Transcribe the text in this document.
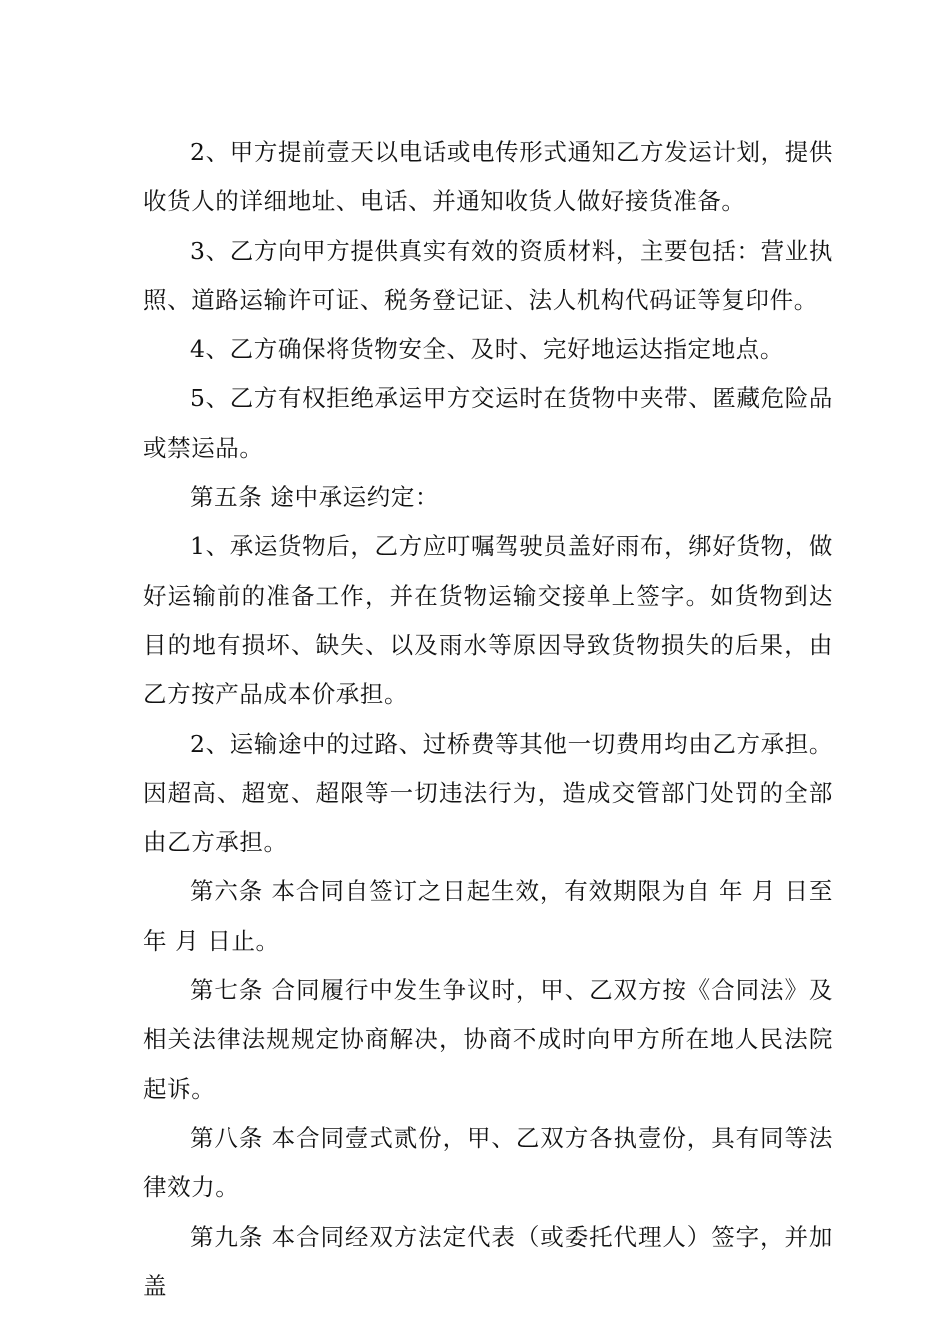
2、甲方提前壹天以电话或电传形式通知乙方发运计划，提供收货人的详细地址、电话、并通知收货人做好接货准备。

3、乙方向甲方提供真实有效的资质材料，主要包括：营业执照、道路运输许可证、税务登记证、法人机构代码证等复印件。

4、乙方确保将货物安全、及时、完好地运达指定地点。

5、乙方有权拒绝承运甲方交运时在货物中夹带、匿藏危险品或禁运品。

第五条 途中承运约定：

1、承运货物后，乙方应叮嘱驾驶员盖好雨布，绑好货物，做好运输前的准备工作，并在货物运输交接单上签字。如货物到达目的地有损坏、缺失、以及雨水等原因导致货物损失的后果，由乙方按产品成本价承担。

2、运输途中的过路、过桥费等其他一切费用均由乙方承担。因超高、超宽、超限等一切违法行为，造成交管部门处罚的全部由乙方承担。

第六条 本合同自签订之日起生效，有效期限为自 年 月 日至 年 月 日止。

第七条 合同履行中发生争议时，甲、乙双方按《合同法》及相关法律法规规定协商解决，协商不成时向甲方所在地人民法院起诉。

第八条 本合同壹式贰份，甲、乙双方各执壹份，具有同等法律效力。

第九条 本合同经双方法定代表（或委托代理人）签字，并加盖
